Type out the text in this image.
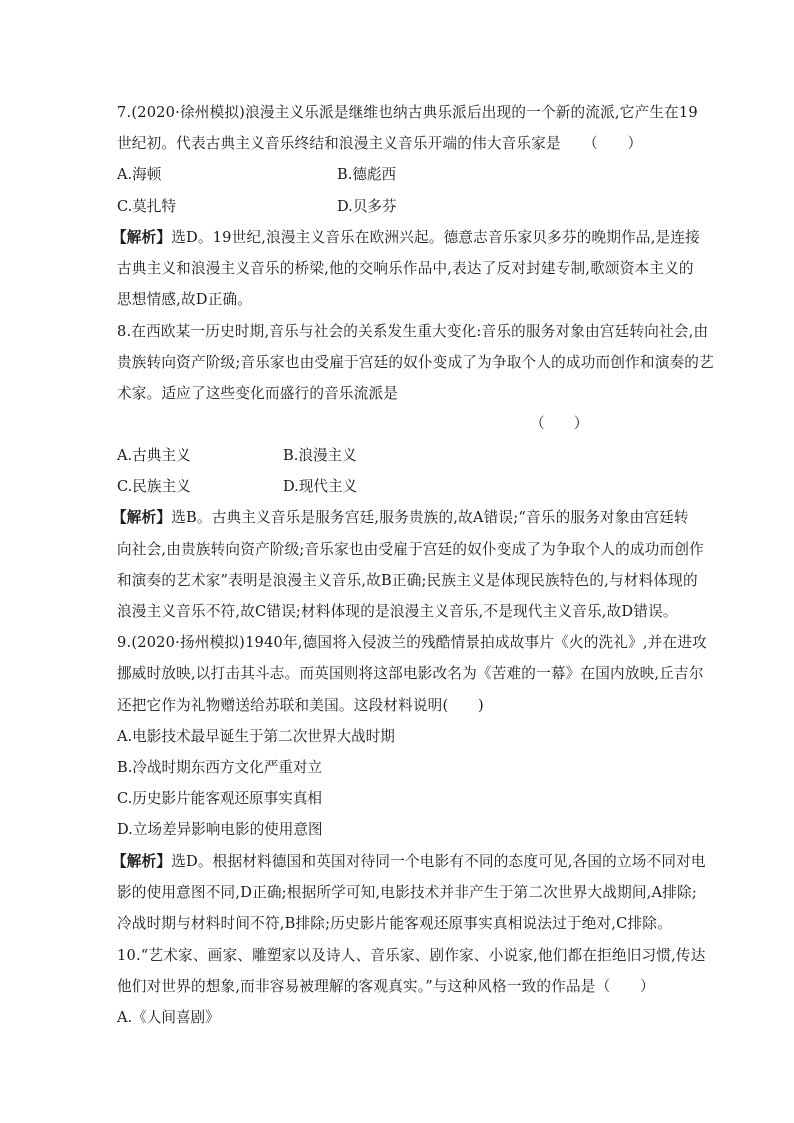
7.(2020·徐州模拟)浪漫主义乐派是继维也纳古典乐派后出现的一个新的流派,它产生在19
世纪初。代表古典主义音乐终结和浪漫主义音乐开端的伟大音乐家是　　（　　）
A.海顿	B.德彪西
C.莫扎特	D.贝多芬
【解析】选D。19世纪,浪漫主义音乐在欧洲兴起。德意志音乐家贝多芬的晚期作品,是连接
古典主义和浪漫主义音乐的桥梁,他的交响乐作品中,表达了反对封建专制,歌颂资本主义的
思想情感,故D正确。
8.在西欧某一历史时期,音乐与社会的关系发生重大变化:音乐的服务对象由宫廷转向社会,由
贵族转向资产阶级;音乐家也由受雇于宫廷的奴仆变成了为争取个人的成功而创作和演奏的艺
术家。适应了这些变化而盛行的音乐流派是
（　　）
A.古典主义	B.浪漫主义
C.民族主义	D.现代主义
【解析】选B。古典主义音乐是服务宫廷,服务贵族的,故A错误;“音乐的服务对象由宫廷转
向社会,由贵族转向资产阶级;音乐家也由受雇于宫廷的奴仆变成了为争取个人的成功而创作
和演奏的艺术家”表明是浪漫主义音乐,故B正确;民族主义是体现民族特色的,与材料体现的
浪漫主义音乐不符,故C错误;材料体现的是浪漫主义音乐,不是现代主义音乐,故D错误。
9.(2020·扬州模拟)1940年,德国将入侵波兰的残酷情景拍成故事片《火的洗礼》,并在进攻
挪威时放映,以打击其斗志。而英国则将这部电影改名为《苦难的一幕》在国内放映,丘吉尔
还把它作为礼物赠送给苏联和美国。这段材料说明(　　)
A.电影技术最早诞生于第二次世界大战时期
B.冷战时期东西方文化严重对立
C.历史影片能客观还原事实真相
D.立场差异影响电影的使用意图
【解析】选D。根据材料德国和英国对待同一个电影有不同的态度可见,各国的立场不同对电
影的使用意图不同,D正确;根据所学可知,电影技术并非产生于第二次世界大战期间,A排除;
冷战时期与材料时间不符,B排除;历史影片能客观还原事实真相说法过于绝对,C排除。
10.“艺术家、画家、雕塑家以及诗人、音乐家、剧作家、小说家,他们都在拒绝旧习惯,传达
他们对世界的想象,而非容易被理解的客观真实。”与这种风格一致的作品是（　　）
A.《人间喜剧》
